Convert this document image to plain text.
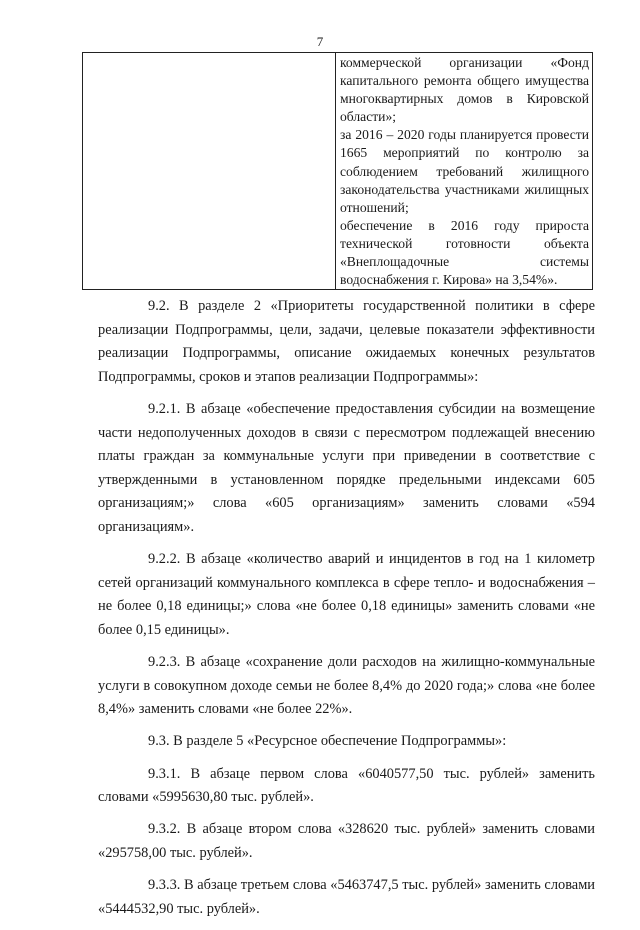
7

коммерческой организации «Фонд капитального ремонта общего имущества многоквартирных домов в Кировской области»;

за 2016 – 2020 годы планируется провести 1665 мероприятий по контролю за соблюдением требований жилищного законодательства участниками жилищных отношений;

обеспечение в 2016 году прироста технической готовности объекта «Внеплощадочные системы водоснабжения г. Кирова» на 3,54%».

9.2. В разделе 2 «Приоритеты государственной политики в сфере реализации Подпрограммы, цели, задачи, целевые показатели эффективности реализации Подпрограммы, описание ожидаемых конечных результатов Подпрограммы, сроков и этапов реализации Подпрограммы»:

9.2.1. В абзаце «обеспечение предоставления субсидии на возмещение части недополученных доходов в связи с пересмотром подлежащей внесению платы граждан за коммунальные услуги при приведении в соответствие с утвержденными в установленном порядке предельными индексами 605 организациям;» слова «605 организациям» заменить словами «594 организациям».

9.2.2. В абзаце «количество аварий и инцидентов в год на 1 километр сетей организаций коммунального комплекса в сфере тепло- и водоснабжения – не более 0,18 единицы;» слова «не более 0,18 единицы» заменить словами «не более 0,15 единицы».

9.2.3. В абзаце «сохранение доли расходов на жилищно-коммунальные услуги в совокупном доходе семьи не более 8,4% до 2020 года;» слова «не более 8,4%» заменить словами «не более 22%».

9.3. В разделе 5 «Ресурсное обеспечение Подпрограммы»:

9.3.1. В абзаце первом слова «6040577,50 тыс. рублей» заменить словами «5995630,80 тыс. рублей».

9.3.2. В абзаце втором слова «328620 тыс. рублей» заменить словами «295758,00 тыс. рублей».

9.3.3. В абзаце третьем слова «5463747,5 тыс. рублей» заменить словами «5444532,90 тыс. рублей».
